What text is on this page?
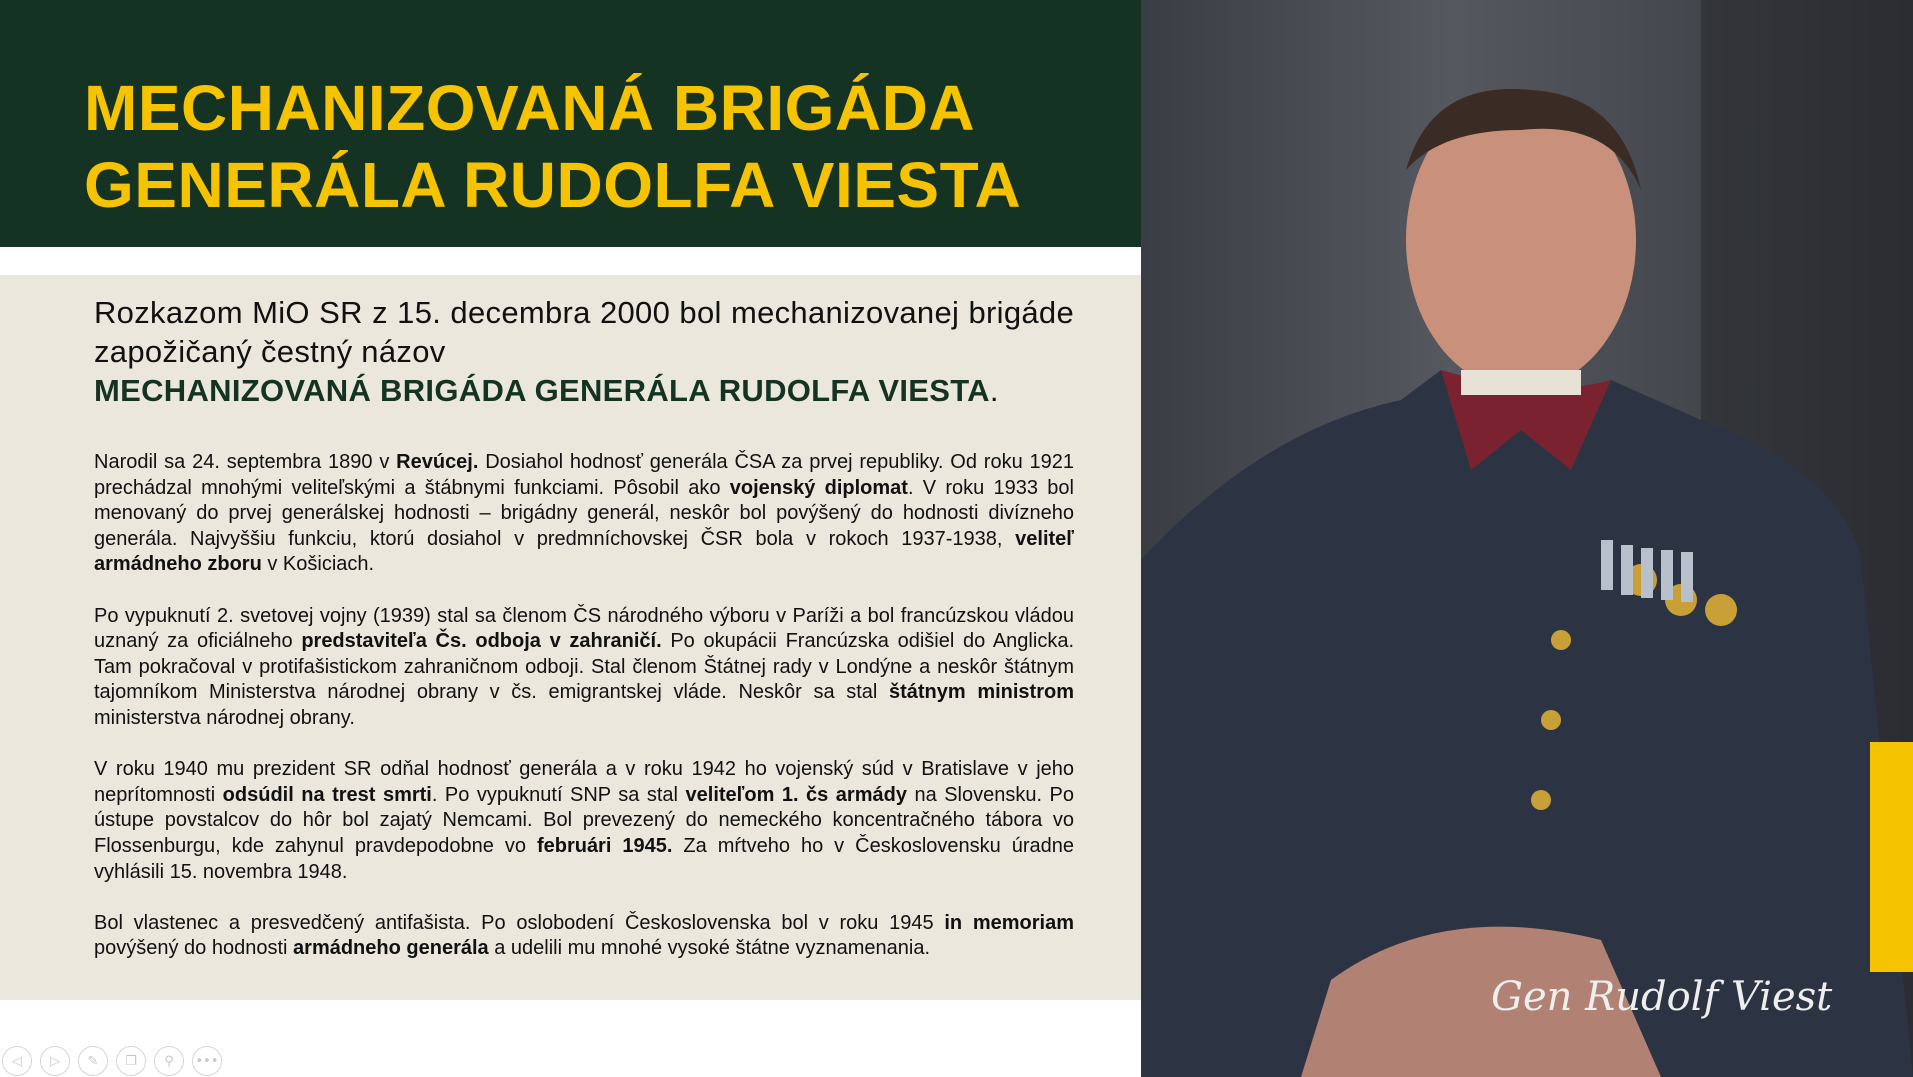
MECHANIZOVANÁ BRIGÁDA
GENERÁLA RUDOLFA VIESTA
Rozkazom MiO SR z 15. decembra 2000 bol mechanizovanej brigáde zapožičaný čestný názov
MECHANIZOVANÁ BRIGÁDA GENERÁLA RUDOLFA VIESTA.

Narodil sa 24. septembra 1890 v Revúcej. Dosiahol hodnosť generála ČSA za prvej republiky. Od roku 1921 prechádzal mnohými veliteľskými a štábnymi funkciami. Pôsobil ako vojenský diplomat. V roku 1933 bol menovaný do prvej generálskej hodnosti – brigádny generál, neskôr bol povýšený do hodnosti divízneho generála. Najvyššiu funkciu, ktorú dosiahol v predmníchovskej ČSR bola v rokoch 1937-1938, veliteľ armádneho zboru v Košiciach.

Po vypuknutí 2. svetovej vojny (1939) stal sa členom ČS národného výboru v Paríži a bol francúzskou vládou uznaný za oficiálneho predstaviteľa Čs. odboja v zahraničí. Po okupácii Francúzska odišiel do Anglicka. Tam pokračoval v protifašistickom zahraničnom odboji. Stal členom Štátnej rady v Londýne a neskôr štátnym tajomníkom Ministerstva národnej obrany v čs. emigrantskej vláde. Neskôr sa stal štátnym ministrom ministerstva národnej obrany.

V roku 1940 mu prezident SR odňal hodnosť generála a v roku 1942 ho vojenský súd v Bratislave v jeho neprítomnosti odsúdil na trest smrti. Po vypuknutí SNP sa stal veliteľom 1. čs armády na Slovensku. Po ústupe povstalcov do hôr bol zajatý Nemcami. Bol prevezený do nemeckého koncentračného tábora vo Flossenburgu, kde zahynul pravdepodobne vo februári 1945. Za mŕtveho ho v Československu úradne vyhlásili 15. novembra 1948.

Bol vlastenec a presvedčený antifašista. Po oslobodení Československa bol v roku 1945 in memoriam povýšený do hodnosti armádneho generála a udelili mu mnohé vysoké štátne vyznamenania.

Gen Rudolf Viest
◁ ▷ ✎ ❐ ⚲ •••
